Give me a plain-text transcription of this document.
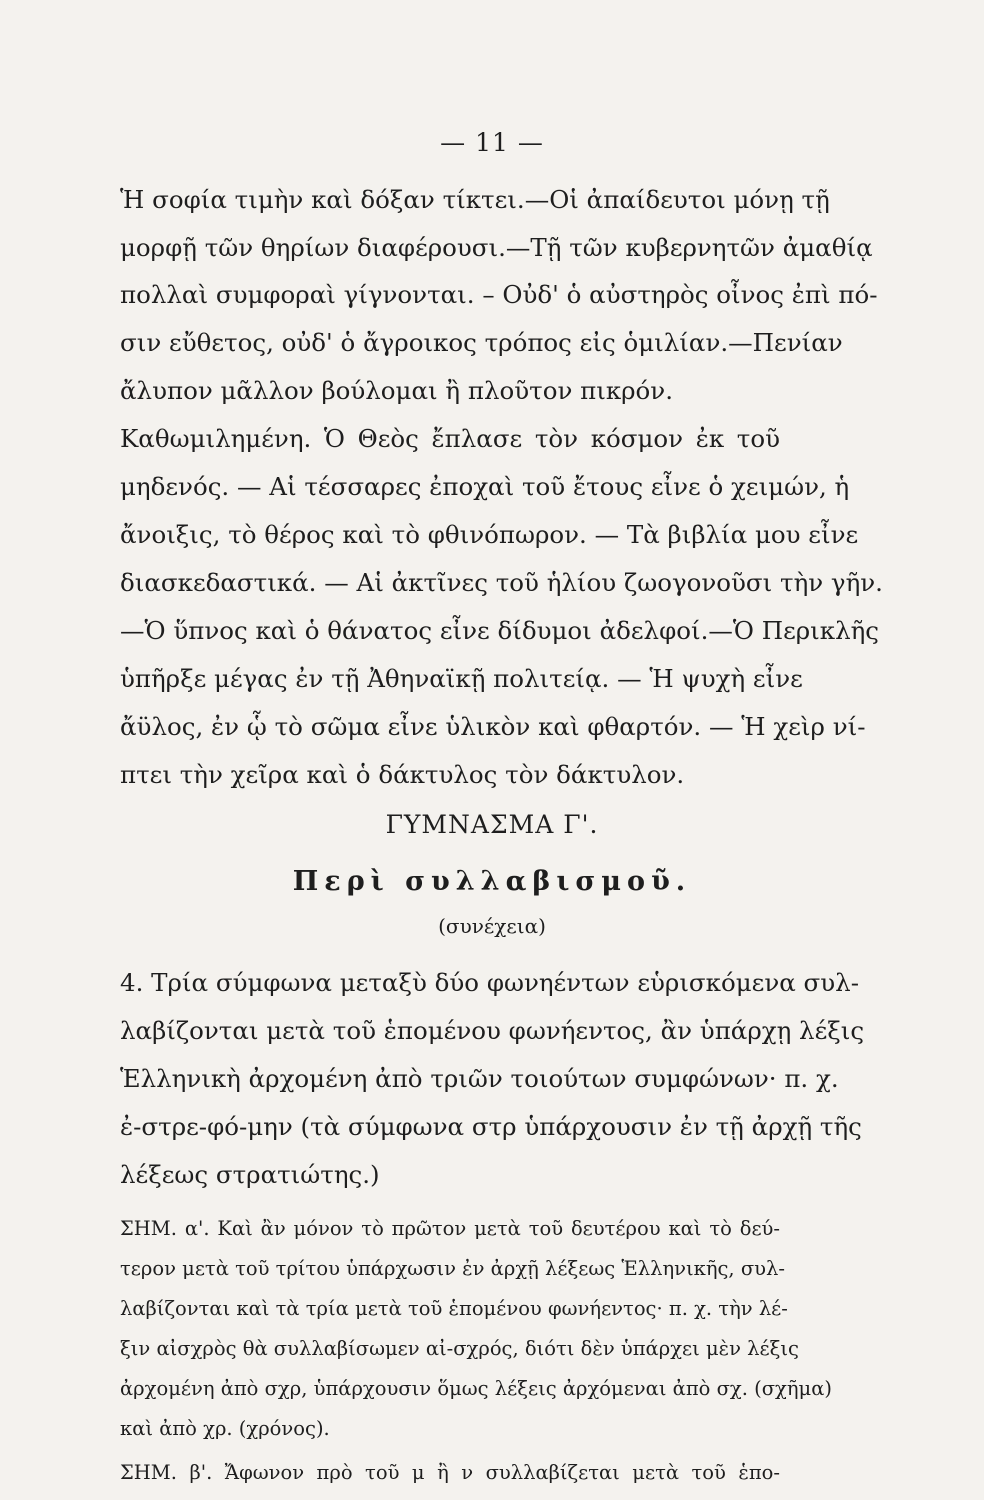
— 11 —
Ἡ σοφία τιμὴν καὶ δόξαν τίκτει.—Οἱ ἀπαίδευτοι μόνῃ τῇ
μορφῇ τῶν θηρίων διαφέρουσι.—Τῇ τῶν κυβερνητῶν ἀμαθίᾳ
πολλαὶ συμφοραὶ γίγνονται. – Οὐδ' ὁ αὐστηρὸς οἶνος ἐπὶ πό-
σιν εὔθετος, οὐδ' ὁ ἄγροικος τρόπος εἰς ὁμιλίαν.—Πενίαν
ἄλυπον μᾶλλον βούλομαι ἢ πλοῦτον πικρόν.
Καθωμιλημένη. Ὁ Θεὸς ἔπλασε τὸν κόσμον ἐκ τοῦ
μηδενός. — Αἱ τέσσαρες ἐποχαὶ τοῦ ἔτους εἶνε ὁ χειμών, ἡ
ἄνοιξις, τὸ θέρος καὶ τὸ φθινόπωρον. — Τὰ βιβλία μου εἶνε
διασκεδαστικά. — Αἱ ἀκτῖνες τοῦ ἡλίου ζωογονοῦσι τὴν γῆν.
—Ὁ ὕπνος καὶ ὁ θάνατος εἶνε δίδυμοι ἀδελφοί.—Ὁ Περικλῆς
ὑπῆρξε μέγας ἐν τῇ Ἀθηναϊκῇ πολιτείᾳ. — Ἡ ψυχὴ εἶνε
ἄϋλος, ἐν ᾧ τὸ σῶμα εἶνε ὑλικὸν καὶ φθαρτόν. — Ἡ χεὶρ νί-
πτει τὴν χεῖρα καὶ ὁ δάκτυλος τὸν δάκτυλον.
ΓΥΜΝΑΣΜΑ Γ'.
Περὶ συλλαβισμοῦ.
(συνέχεια)
4. Τρία σύμφωνα μεταξὺ δύο φωνηέντων εὑρισκόμενα συλ-
λαβίζονται μετὰ τοῦ ἑπομένου φωνήεντος, ἂν ὑπάρχῃ λέξις
Ἑλληνικὴ ἀρχομένη ἀπὸ τριῶν τοιούτων συμφώνων· π. χ.
ἐ-στρε-φό-μην (τὰ σύμφωνα στρ ὑπάρχουσιν ἐν τῇ ἀρχῇ τῆς
λέξεως στρατιώτης.)
ΣΗΜ. α'. Καὶ ἂν μόνον τὸ πρῶτον μετὰ τοῦ δευτέρου καὶ τὸ δεύ-
τερον μετὰ τοῦ τρίτου ὑπάρχωσιν ἐν ἀρχῇ λέξεως Ἑλληνικῆς, συλ-
λαβίζονται καὶ τὰ τρία μετὰ τοῦ ἑπομένου φωνήεντος· π. χ. τὴν λέ-
ξιν αἰσχρὸς θὰ συλλαβίσωμεν αἰ-σχρός, διότι δὲν ὑπάρχει μὲν λέξις
ἀρχομένη ἀπὸ σχρ, ὑπάρχουσιν ὅμως λέξεις ἀρχόμεναι ἀπὸ σχ. (σχῆμα)
καὶ ἀπὸ χρ. (χρόνος).
ΣΗΜ. β'. Ἄφωνον πρὸ τοῦ μ ἢ ν συλλαβίζεται μετὰ τοῦ ἑπο-
